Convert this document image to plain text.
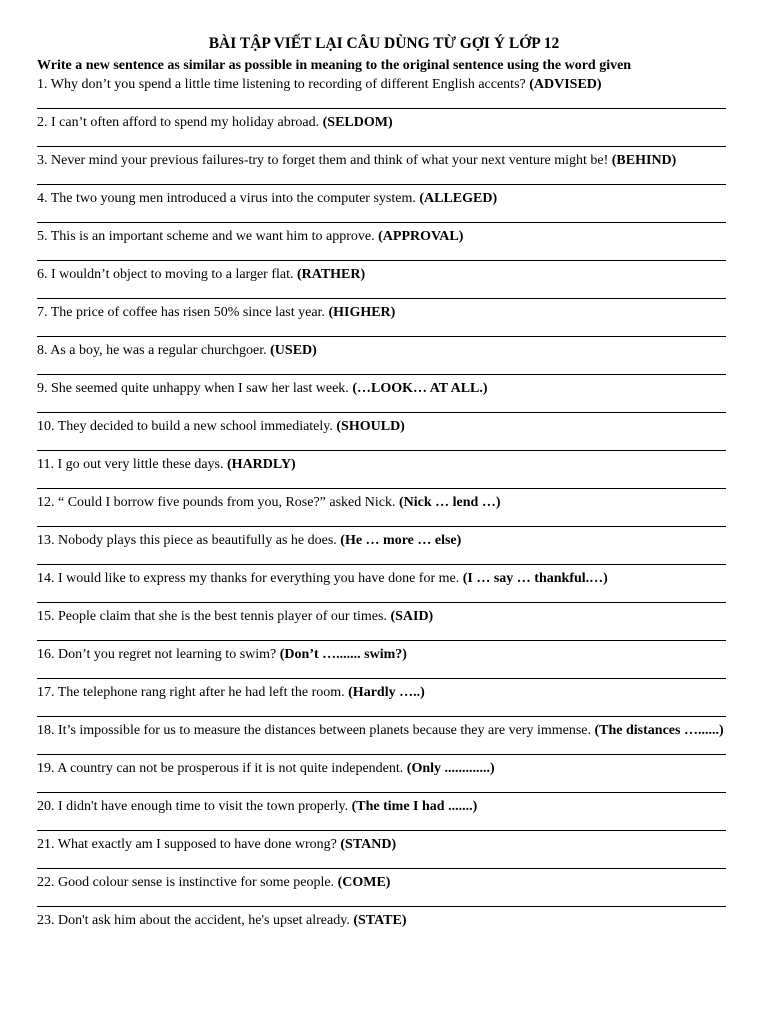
BÀI TẬP VIẾT LẠI CÂU DÙNG TỪ GỢI Ý LỚP 12

Write a new sentence as similar as possible in meaning to the original sentence using the word given

1. Why don’t you spend a little time listening to recording of different English accents? (ADVISED)
2. I can’t often afford to spend my holiday abroad. (SELDOM)
3. Never mind your previous failures-try to forget them and think of what your next venture might be! (BEHIND)
4. The two young men introduced a virus into the computer system. (ALLEGED)
5. This is an important scheme and we want him to approve. (APPROVAL)
6. I wouldn’t object to moving to a larger flat. (RATHER)
7. The price of coffee has risen 50% since last year. (HIGHER)
8. As a boy, he was a regular churchgoer. (USED)
9. She seemed quite unhappy when I saw her last week. (…LOOK… AT ALL.)
10. They decided to build a new school immediately. (SHOULD)
11. I go out very little these days. (HARDLY)
12. “ Could I borrow five pounds from you, Rose?” asked Nick. (Nick … lend …)
13. Nobody plays this piece as beautifully as he does. (He … more … else)
14. I would like to express my thanks for everything you have done for me. (I … say … thankful.…)
15. People claim that she is the best tennis player of our times. (SAID)
16. Don’t you regret not learning to swim? (Don’t …....... swim?)
17. The telephone rang right after he had left the room. (Hardly …..)
18. It’s impossible for us to measure the distances between planets because they are very immense. (The distances …......)
19. A country can not be prosperous if it is not quite independent. (Only .............)
20. I didn't have enough time to visit the town properly. (The time I had .......)
21. What exactly am I supposed to have done wrong? (STAND)
22. Good colour sense is instinctive for some people. (COME)
23. Don't ask him about the accident, he's upset already. (STATE)
